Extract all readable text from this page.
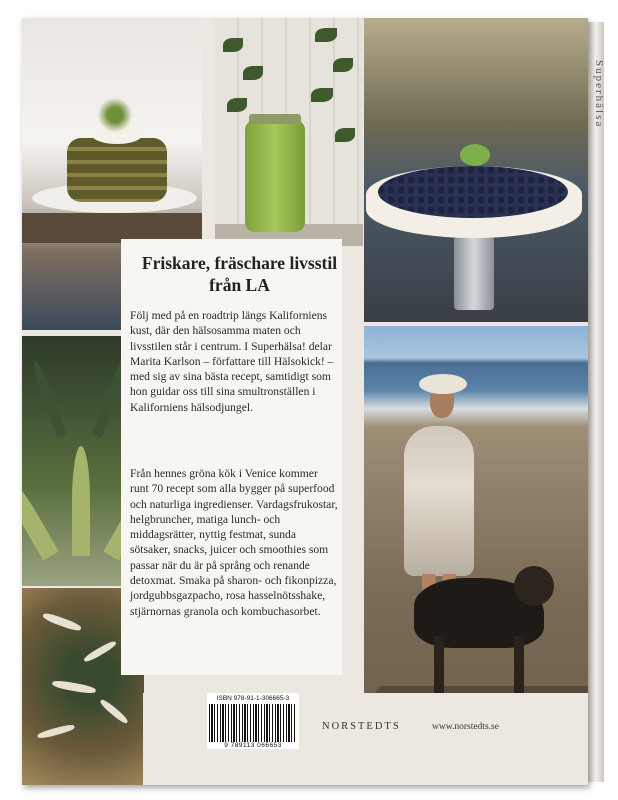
Superhälsa
Friskare, fräschare livsstil från LA
Följ med på en roadtrip längs Kaliforniens kust, där den hälsosamma maten och livsstilen står i centrum. I Superhälsa! delar Marita Karlson – författare till Hälsokick! – med sig av sina bästa recept, samtidigt som hon guidar oss till sina smultronställen i Kaliforniens hälsodjungel.
Från hennes gröna kök i Venice kommer runt 70 recept som alla bygger på superfood och naturliga ingredienser. Vardagsfrukostar, helgbruncher, matiga lunch- och middagsrätter, nyttig festmat, sunda sötsaker, snacks, juicer och smoothies som passar när du är på språng och renande detoxmat. Smaka på sharon- och fikonpizza, jordgubbsgazpacho, rosa hasselnötsshake, stjärnornas granola och kombuchasorbet.
ISBN 978-91-1-306665-3
9 789113 066653
NORSTEDTS	www.norstedts.se
